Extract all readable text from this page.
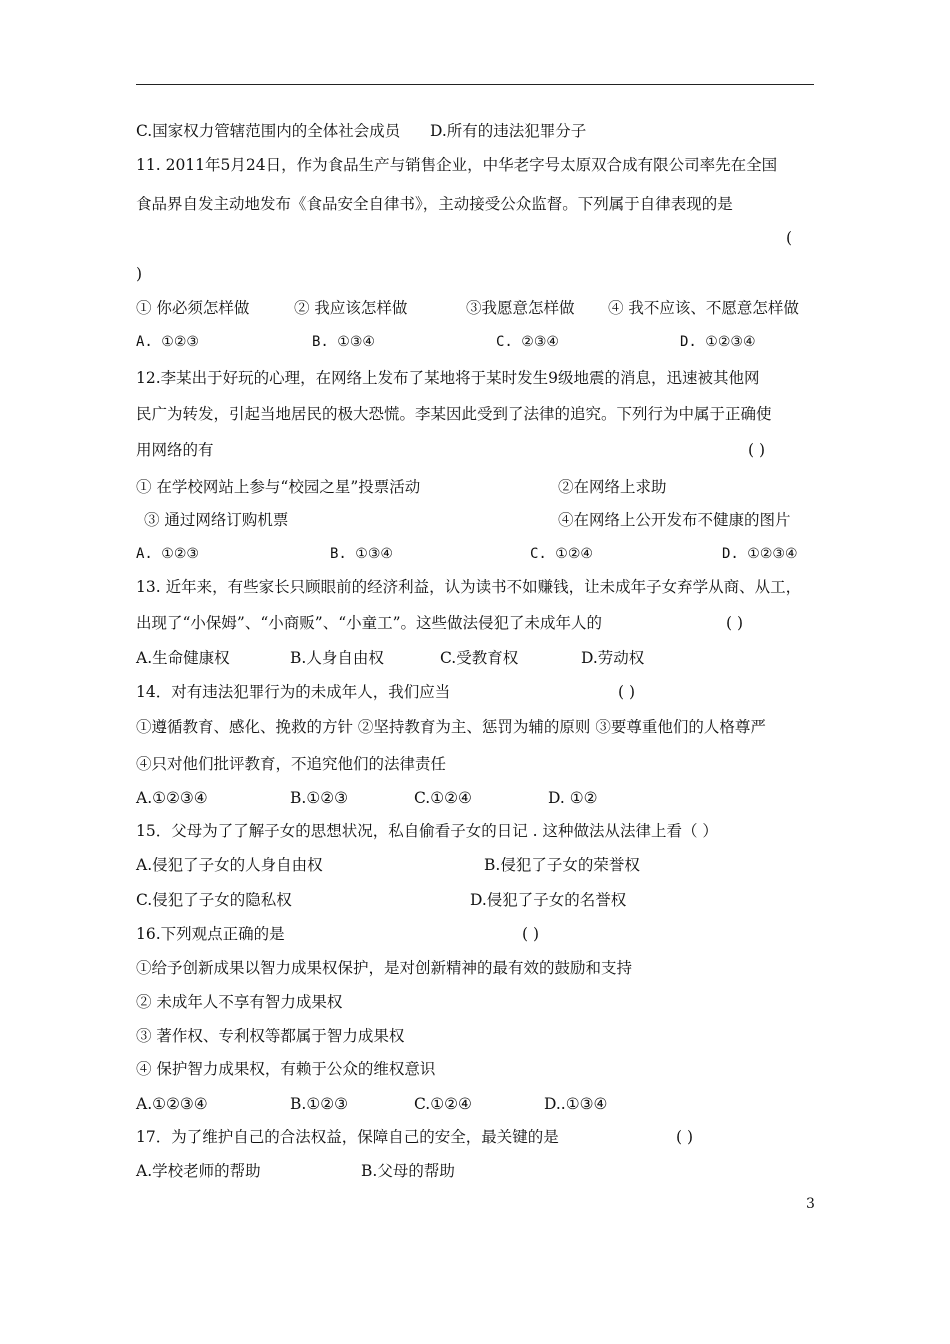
C.国家权力管辖范围内的全体社会成员 D.所有的违法犯罪分子
11. 2011年5月24日，作为食品生产与销售企业，中华老字号太原双合成有限公司率先在全国
食品界自发主动地发布《食品安全自律书》，主动接受公众监督。下列属于自律表现的是
(
)
① 你必须怎样做	② 我应该怎样做	③我愿意怎样做 ④ 我不应该、不愿意怎样做
A. ①②③	B. ①③④	C. ②③④	D. ①②③④
12.李某出于好玩的心理，在网络上发布了某地将于某时发生9级地震的消息，迅速被其他网
民广为转发，引起当地居民的极大恐慌。李某因此受到了法律的追究。下列行为中属于正确使
用网络的有	( )
① 在学校网站上参与“校园之星”投票活动	②在网络上求助
③ 通过网络订购机票	④在网络上公开发布不健康的图片
A. ①②③	B. ①③④	C. ①②④	D. ①②③④
13. 近年来，有些家长只顾眼前的经济利益，认为读书不如赚钱，让未成年子女弃学从商、从工，
出现了“小保姆”、“小商贩”、“小童工”。这些做法侵犯了未成年人的	( )
A.生命健康权	B.人身自由权	C.受教育权	D.劳动权
14．对有违法犯罪行为的未成年人，我们应当	( )
①遵循教育、感化、挽救的方针 ②坚持教育为主、惩罚为辅的原则 ③要尊重他们的人格尊严
④只对他们批评教育，不追究他们的法律责任
A.①②③④	B.①②③	C.①②④	D. ①②
15．父母为了了解子女的思想状况，私自偷看子女的日记 . 这种做法从法律上看（ ）
A.侵犯了子女的人身自由权	B.侵犯了子女的荣誉权
C.侵犯了子女的隐私权	D.侵犯了子女的名誉权
16.下列观点正确的是	( )
①给予创新成果以智力成果权保护，是对创新精神的最有效的鼓励和支持
② 未成年人不享有智力成果权
③ 著作权、专利权等都属于智力成果权
④ 保护智力成果权，有赖于公众的维权意识
A.①②③④	B.①②③	C.①②④	D..①③④
17．为了维护自己的合法权益，保障自己的安全，最关键的是	( )
A.学校老师的帮助	B.父母的帮助
3
